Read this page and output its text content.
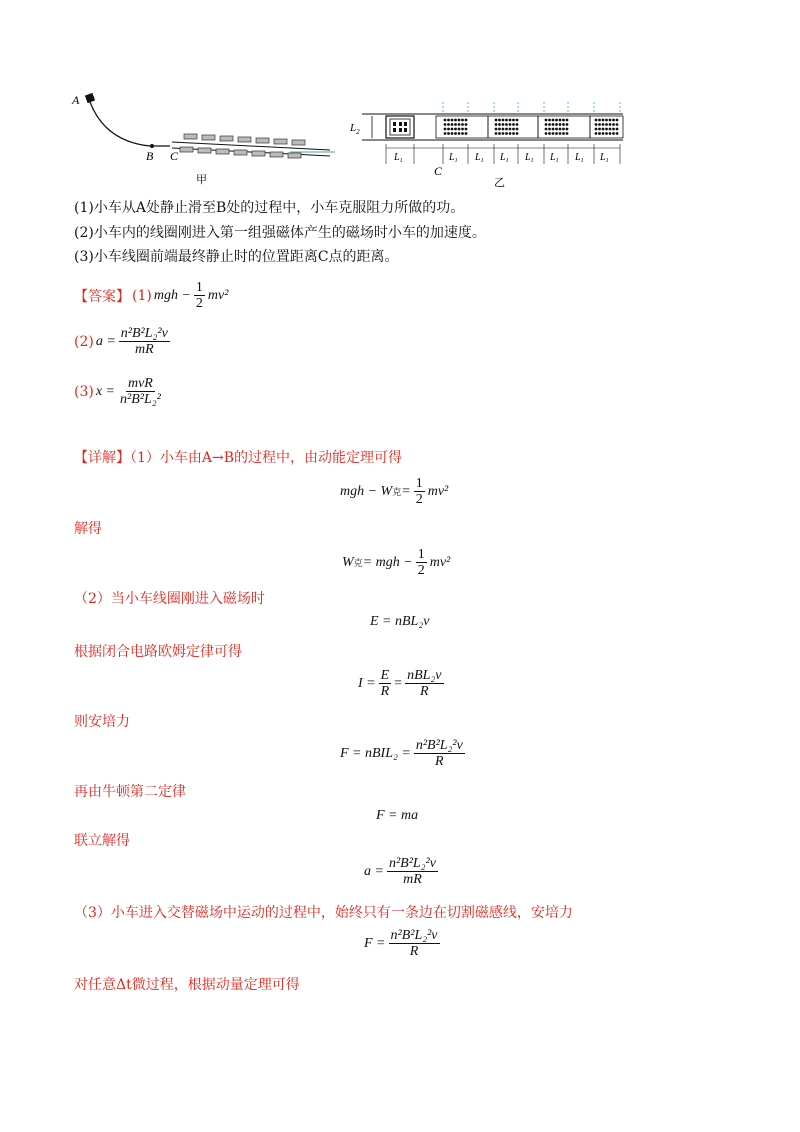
A
B C
甲
$L_2$
$L_1$	$L_1$ $L_1$ $L_1$ $L_1$ $L_1$ $L_1$ $L_1$
C
乙
(1)小车从A处静止滑至B处的过程中，小车克服阻力所做的功。
(2)小车内的线圈刚进入第一组强磁体产生的磁场时小车的加速度。
(3)小车线圈前端最终静止时的位置距离C点的距离。
【答案】 (1) mgh − $\frac{1}{2} mv^2$
(2) $a = \frac{\text{n²B²L₂²v}}{mR}$
(3) $x = \frac{\text{mvR}}{\text{n²B²L₂²}}$
【详解】（1）小车由A→B的过程中，由动能定理可得
mgh − W 克 = $\frac{1}{2} mv^2$
解得
W 克 = mgh − $\frac{1}{2} mv^2$
（2）当小车线圈刚进入磁场时
E = nBL₂v
根据闭合电路欧姆定律可得
$I = \frac{E}{R} = \frac{\text{nBL₂v}}{R}$
则安培力
F = nBIL₂ = $\frac{\text{n²B²L₂²v}}{R}$
再由牛顿第二定律
F = ma
联立解得
$a = \frac{\text{n²B²L₂²v}}{mR}$
（3）小车进入交替磁场中运动的过程中，始终只有一条边在切割磁感线，安培力
$F = \frac{\text{n²B²L₂²v}}{R}$
对任意Δt微过程，根据动量定理可得
